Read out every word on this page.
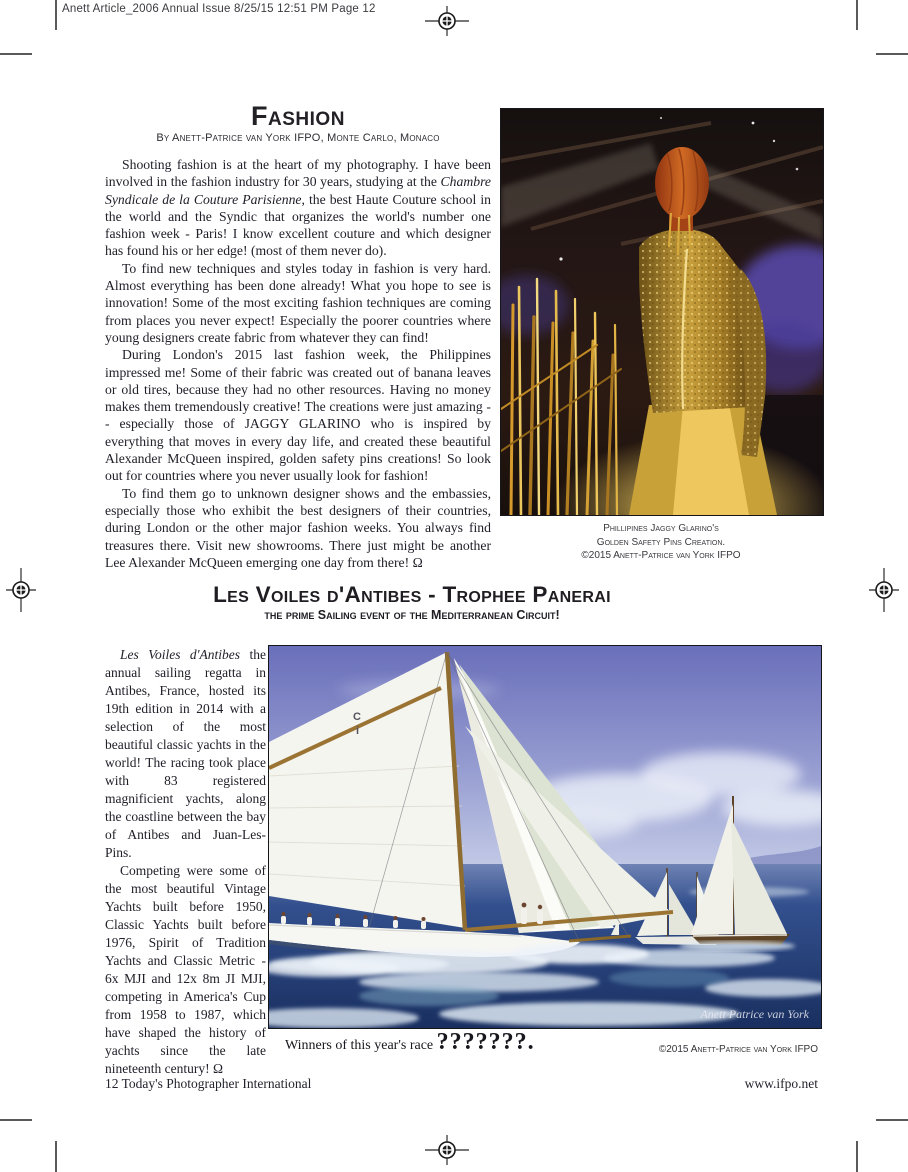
Anett Article_2006 Annual Issue 8/25/15 12:51 PM Page 12
Fashion
By Anett-Patrice van York IFPO, Monte Carlo, Monaco

Shooting fashion is at the heart of my photography. I have been involved in the fashion industry for 30 years, studying at the Chambre Syndicale de la Couture Parisienne, the best Haute Couture school in the world and the Syndic that organizes the world's number one fashion week - Paris! I know excellent couture and which designer has found his or her edge! (most of them never do).

To find new techniques and styles today in fashion is very hard. Almost everything has been done already! What you hope to see is innovation! Some of the most exciting fashion techniques are coming from places you never expect! Especially the poorer countries where young designers create fabric from whatever they can find!

During London's 2015 last fashion week, the Philippines impressed me! Some of their fabric was created out of banana leaves or old tires, because they had no other resources. Having no money makes them tremendously creative! The creations were just amazing -- especially those of JAGGY GLARINO who is inspired by everything that moves in every day life, and created these beautiful Alexander McQueen inspired, golden safety pins creations! So look out for countries where you never usually look for fashion!

To find them go to unknown designer shows and the embassies, especially those who exhibit the best designers of their countries, during London or the other major fashion weeks. You always find treasures there. Visit new showrooms. There just might be another Lee Alexander McQueen emerging one day from there! Ω

Phillipines Jaggy Glarino's
Golden Safety Pins Creation.
©2015 Anett-Patrice van York IFPO
Les Voiles d'Antibes - Trophee Panerai
the prime Sailing event of the Mediterranean Circuit!

Les Voiles d'Antibes the annual sailing regatta in Antibes, France, hosted its 19th edition in 2014 with a selection of the most beautiful classic yachts in the world! The racing took place with 83 registered magnificient yachts, along the coastline between the bay of Antibes and Juan-Les-Pins.

Competing were some of the most beautiful Vintage Yachts built before 1950, Classic Yachts built before 1976, Spirit of Tradition Yachts and Classic Metric - 6x MJI and 12x 8m JI MJI, competing in America's Cup from 1958 to 1987, which have shaped the history of yachts since the late nineteenth century! Ω

C
i
Anett Patrice van York
Winners of this year's race ???????.	©2015 Anett-Patrice van York IFPO
12 Today's Photographer International	www.ifpo.net
